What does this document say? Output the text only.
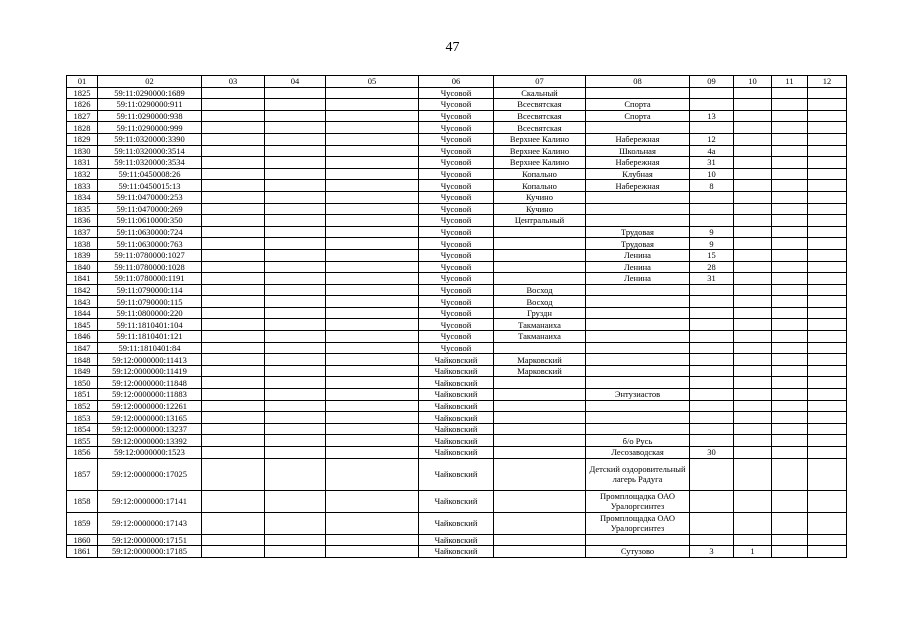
47
01	02	03	04	05	06	07	08	09	10	11	12
1825	59:11:0290000:1689				Чусовой	Скальный					
1826	59:11:0290000:911				Чусовой	Всесвятская	Спорта				
1827	59:11:0290000:938				Чусовой	Всесвятская	Спорта	13			
1828	59:11:0290000:999				Чусовой	Всесвятская					
1829	59:11:0320000:3390				Чусовой	Верхнее Калино	Набережная	12			
1830	59:11:0320000:3514				Чусовой	Верхнее Калино	Школьная	4а			
1831	59:11:0320000:3534				Чусовой	Верхнее Калино	Набережная	31			
1832	59:11:0450008:26				Чусовой	Копально	Клубная	10			
1833	59:11:0450015:13				Чусовой	Копально	Набережная	8			
1834	59:11:0470000:253				Чусовой	Кучино					
1835	59:11:0470000:269				Чусовой	Кучино					
1836	59:11:0610000:350				Чусовой	Центральный					
1837	59:11:0630000:724				Чусовой		Трудовая	9			
1838	59:11:0630000:763				Чусовой		Трудовая	9			
1839	59:11:0780000:1027				Чусовой		Ленина	15			
1840	59:11:0780000:1028				Чусовой		Ленина	28			
1841	59:11:0780000:1191				Чусовой		Ленина	31			
1842	59:11:0790000:114				Чусовой	Восход					
1843	59:11:0790000:115				Чусовой	Восход					
1844	59:11:0800000:220				Чусовой	Груздн					
1845	59:11:1810401:104				Чусовой	Такманаиха					
1846	59:11:1810401:121				Чусовой	Такманаиха					
1847	59:11:1810401:84				Чусовой						
1848	59:12:0000000:11413				Чайковский	Марковский					
1849	59:12:0000000:11419				Чайковский	Марковский					
1850	59:12:0000000:11848				Чайковский						
1851	59:12:0000000:11883				Чайковский		Энтузиастов				
1852	59:12:0000000:12261				Чайковский						
1853	59:12:0000000:13165				Чайковский						
1854	59:12:0000000:13237				Чайковский						
1855	59:12:0000000:13392				Чайковский		б/о Русь				
1856	59:12:0000000:1523				Чайковский		Лесозаводская	30			
1857	59:12:0000000:17025				Чайковский		Детский оздоровительный лагерь Радуга				
1858	59:12:0000000:17141				Чайковский		Промплощадка ОАО Уралоргсинтез				
1859	59:12:0000000:17143				Чайковский		Промплощадка ОАО Уралоргсинтез				
1860	59:12:0000000:17151				Чайковский						
1861	59:12:0000000:17185				Чайковский		Сутузово	3	1		
